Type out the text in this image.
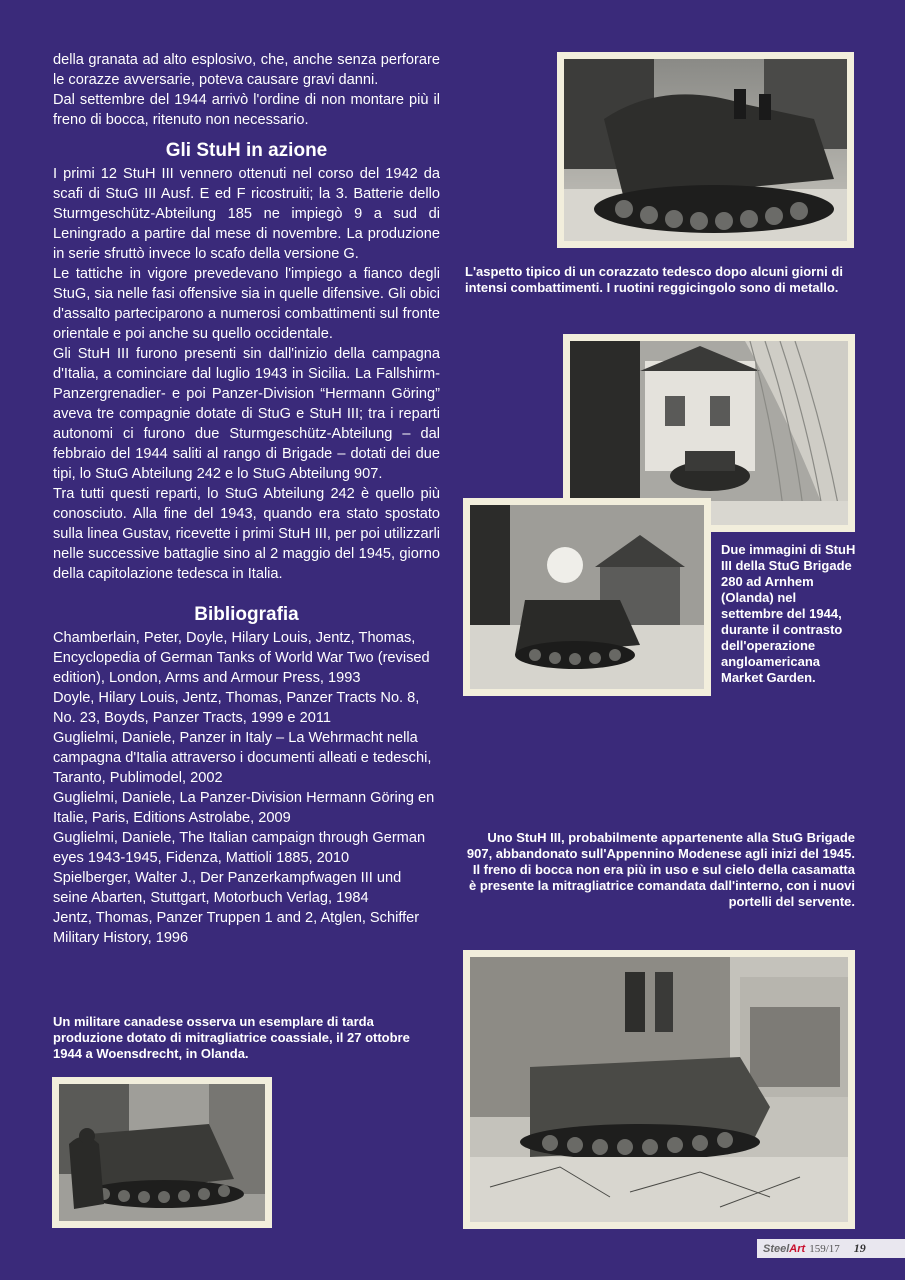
della granata ad alto esplosivo, che, anche senza perforare le corazze avversarie, poteva causare gravi danni.

Dal settembre del 1944 arrivò l'ordine di non montare più il freno di bocca, ritenuto non necessario.

Gli StuH in azione

I primi 12 StuH III vennero ottenuti nel corso del 1942 da scafi di StuG III Ausf. E ed F ricostruiti; la 3. Batterie dello Sturmgeschütz-Abteilung 185 ne impiegò 9 a sud di Leningrado a partire dal mese di novembre. La produzione in serie sfruttò invece lo scafo della versione G.

Le tattiche in vigore prevedevano l'impiego a fianco degli StuG, sia nelle fasi offensive sia in quelle difensive. Gli obici d'assalto parteciparono a numerosi combattimenti sul fronte orientale e poi anche su quello occidentale.

Gli StuH III furono presenti sin dall'inizio della campagna d'Italia, a cominciare dal luglio 1943 in Sicilia. La Fallshirm-Panzergrenadier- e poi Panzer-Division “Hermann Göring” aveva tre compagnie dotate di StuG e StuH III; tra i reparti autonomi ci furono due Sturmgeschütz-Abteilung – dal febbraio del 1944 saliti al rango di Brigade – dotati dei due tipi, lo StuG Abteilung 242 e lo StuG Abteilung 907.

Tra tutti questi reparti, lo StuG Abteilung 242 è quello più conosciuto. Alla fine del 1943, quando era stato spostato sulla linea Gustav, ricevette i primi StuH III, per poi utilizzarli nelle successive battaglie sino al 2 maggio del 1945, giorno della capitolazione tedesca in Italia.

Bibliografia

Chamberlain, Peter, Doyle, Hilary Louis, Jentz, Thomas, Encyclopedia of German Tanks of World War Two (revised edition), London, Arms and Armour Press, 1993

Doyle, Hilary Louis, Jentz, Thomas, Panzer Tracts No. 8, No. 23, Boyds, Panzer Tracts, 1999 e 2011

Guglielmi, Daniele, Panzer in Italy – La Wehrmacht nella campagna d'Italia attraverso i documenti alleati e tedeschi, Taranto, Publimodel, 2002

Guglielmi, Daniele, La Panzer-Division Hermann Göring en Italie, Paris, Editions Astrolabe, 2009

Guglielmi, Daniele, The Italian campaign through German eyes 1943-1945, Fidenza, Mattioli 1885, 2010

Spielberger, Walter J., Der Panzerkampfwagen III und seine Abarten, Stuttgart, Motorbuch Verlag, 1984

Jentz, Thomas, Panzer Truppen 1 and 2, Atglen, Schiffer Military History, 1996

L'aspetto tipico di un corazzato tedesco dopo alcuni giorni di intensi combattimenti. I ruotini reggicingolo sono di metallo.

Due immagini di StuH III della StuG Brigade 280 ad Arnhem (Olanda) nel settembre del 1944, durante il contrasto dell'operazione angloamericana Market Garden.

Uno StuH III, probabilmente appartenente alla StuG Brigade 907, abbandonato sull'Appennino Modenese agli inizi del 1945. Il freno di bocca non era più in uso e sul cielo della casamatta è presente la mitragliatrice comandata dall'interno, con i nuovi portelli del servente.

Un militare canadese osserva un esemplare di tarda produzione dotato di mitragliatrice coassiale, il 27 ottobre 1944 a Woensdrecht, in Olanda.

SteelArt 159/17 19
